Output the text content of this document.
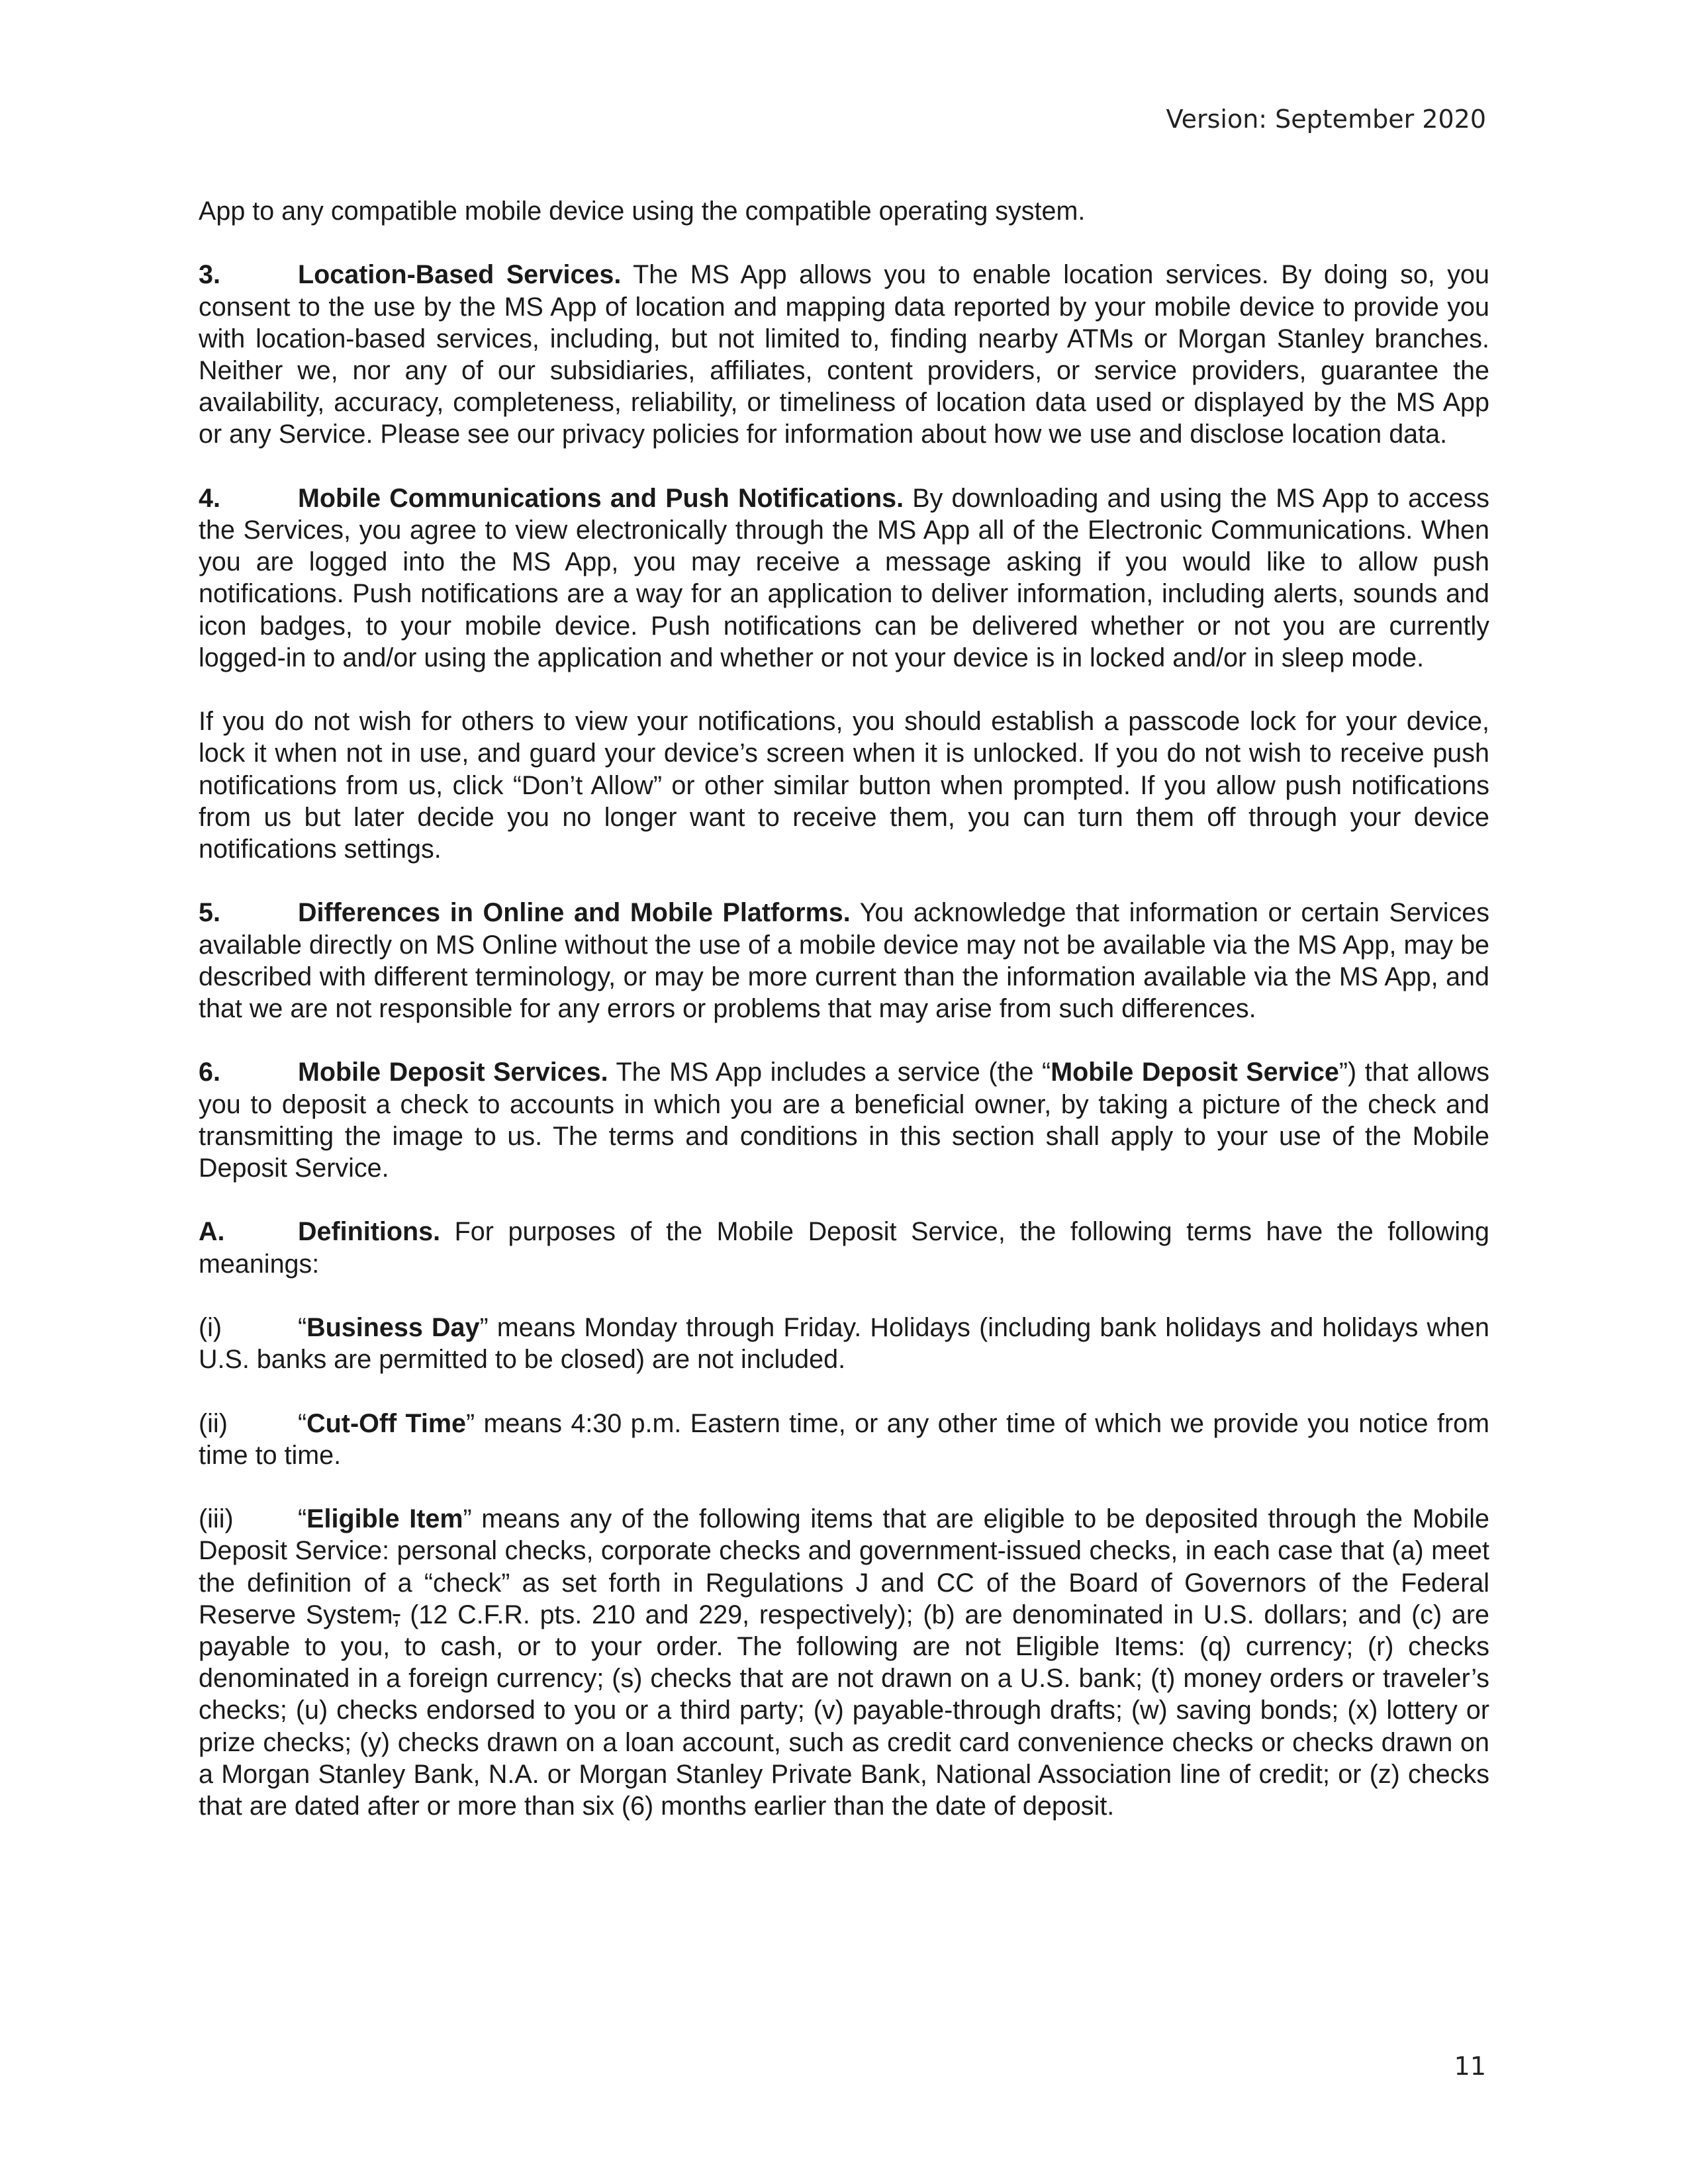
Version: September 2020

App to any compatible mobile device using the compatible operating system.

3.	Location-Based Services. The MS App allows you to enable location services. By doing so, you consent to the use by the MS App of location and mapping data reported by your mobile device to provide you with location-based services, including, but not limited to, finding nearby ATMs or Morgan Stanley branches. Neither we, nor any of our subsidiaries, affiliates, content providers, or service providers, guarantee the availability, accuracy, completeness, reliability, or timeliness of location data used or displayed by the MS App or any Service. Please see our privacy policies for information about how we use and disclose location data.

4.	Mobile Communications and Push Notifications. By downloading and using the MS App to access the Services, you agree to view electronically through the MS App all of the Electronic Communications. When you are logged into the MS App, you may receive a message asking if you would like to allow push notifications. Push notifications are a way for an application to deliver information, including alerts, sounds and icon badges, to your mobile device. Push notifications can be delivered whether or not you are currently logged-in to and/or using the application and whether or not your device is in locked and/or in sleep mode.

If you do not wish for others to view your notifications, you should establish a passcode lock for your device, lock it when not in use, and guard your device’s screen when it is unlocked. If you do not wish to receive push notifications from us, click “Don’t Allow” or other similar button when prompted. If you allow push notifications from us but later decide you no longer want to receive them, you can turn them off through your device notifications settings.

5.	Differences in Online and Mobile Platforms. You acknowledge that information or certain Services available directly on MS Online without the use of a mobile device may not be available via the MS App, may be described with different terminology, or may be more current than the information available via the MS App, and that we are not responsible for any errors or problems that may arise from such differences.

6.	Mobile Deposit Services. The MS App includes a service (the “Mobile Deposit Service”) that allows you to deposit a check to accounts in which you are a beneficial owner, by taking a picture of the check and transmitting the image to us. The terms and conditions in this section shall apply to your use of the Mobile Deposit Service.

A.	Definitions. For purposes of the Mobile Deposit Service, the following terms have the following meanings:

(i)	“Business Day” means Monday through Friday. Holidays (including bank holidays and holidays when U.S. banks are permitted to be closed) are not included.

(ii)	“Cut-Off Time” means 4:30 p.m. Eastern time, or any other time of which we provide you notice from time to time.

(iii) “Eligible Item” means any of the following items that are eligible to be deposited through the Mobile Deposit Service: personal checks, corporate checks and government-issued checks, in each case that (a) meet the definition of a “check” as set forth in Regulations J and CC of the Board of Governors of the Federal Reserve System, (12 C.F.R. pts. 210 and 229, respectively); (b) are denominated in U.S. dollars; and (c) are payable to you, to cash, or to your order. The following are not Eligible Items: (q) currency; (r) checks denominated in a foreign currency; (s) checks that are not drawn on a U.S. bank; (t) money orders or traveler’s checks; (u) checks endorsed to you or a third party; (v) payable-through drafts; (w) saving bonds; (x) lottery or prize checks; (y) checks drawn on a loan account, such as credit card convenience checks or checks drawn on a Morgan Stanley Bank, N.A. or Morgan Stanley Private Bank, National Association line of credit; or (z) checks that are dated after or more than six (6) months earlier than the date of deposit.

11
